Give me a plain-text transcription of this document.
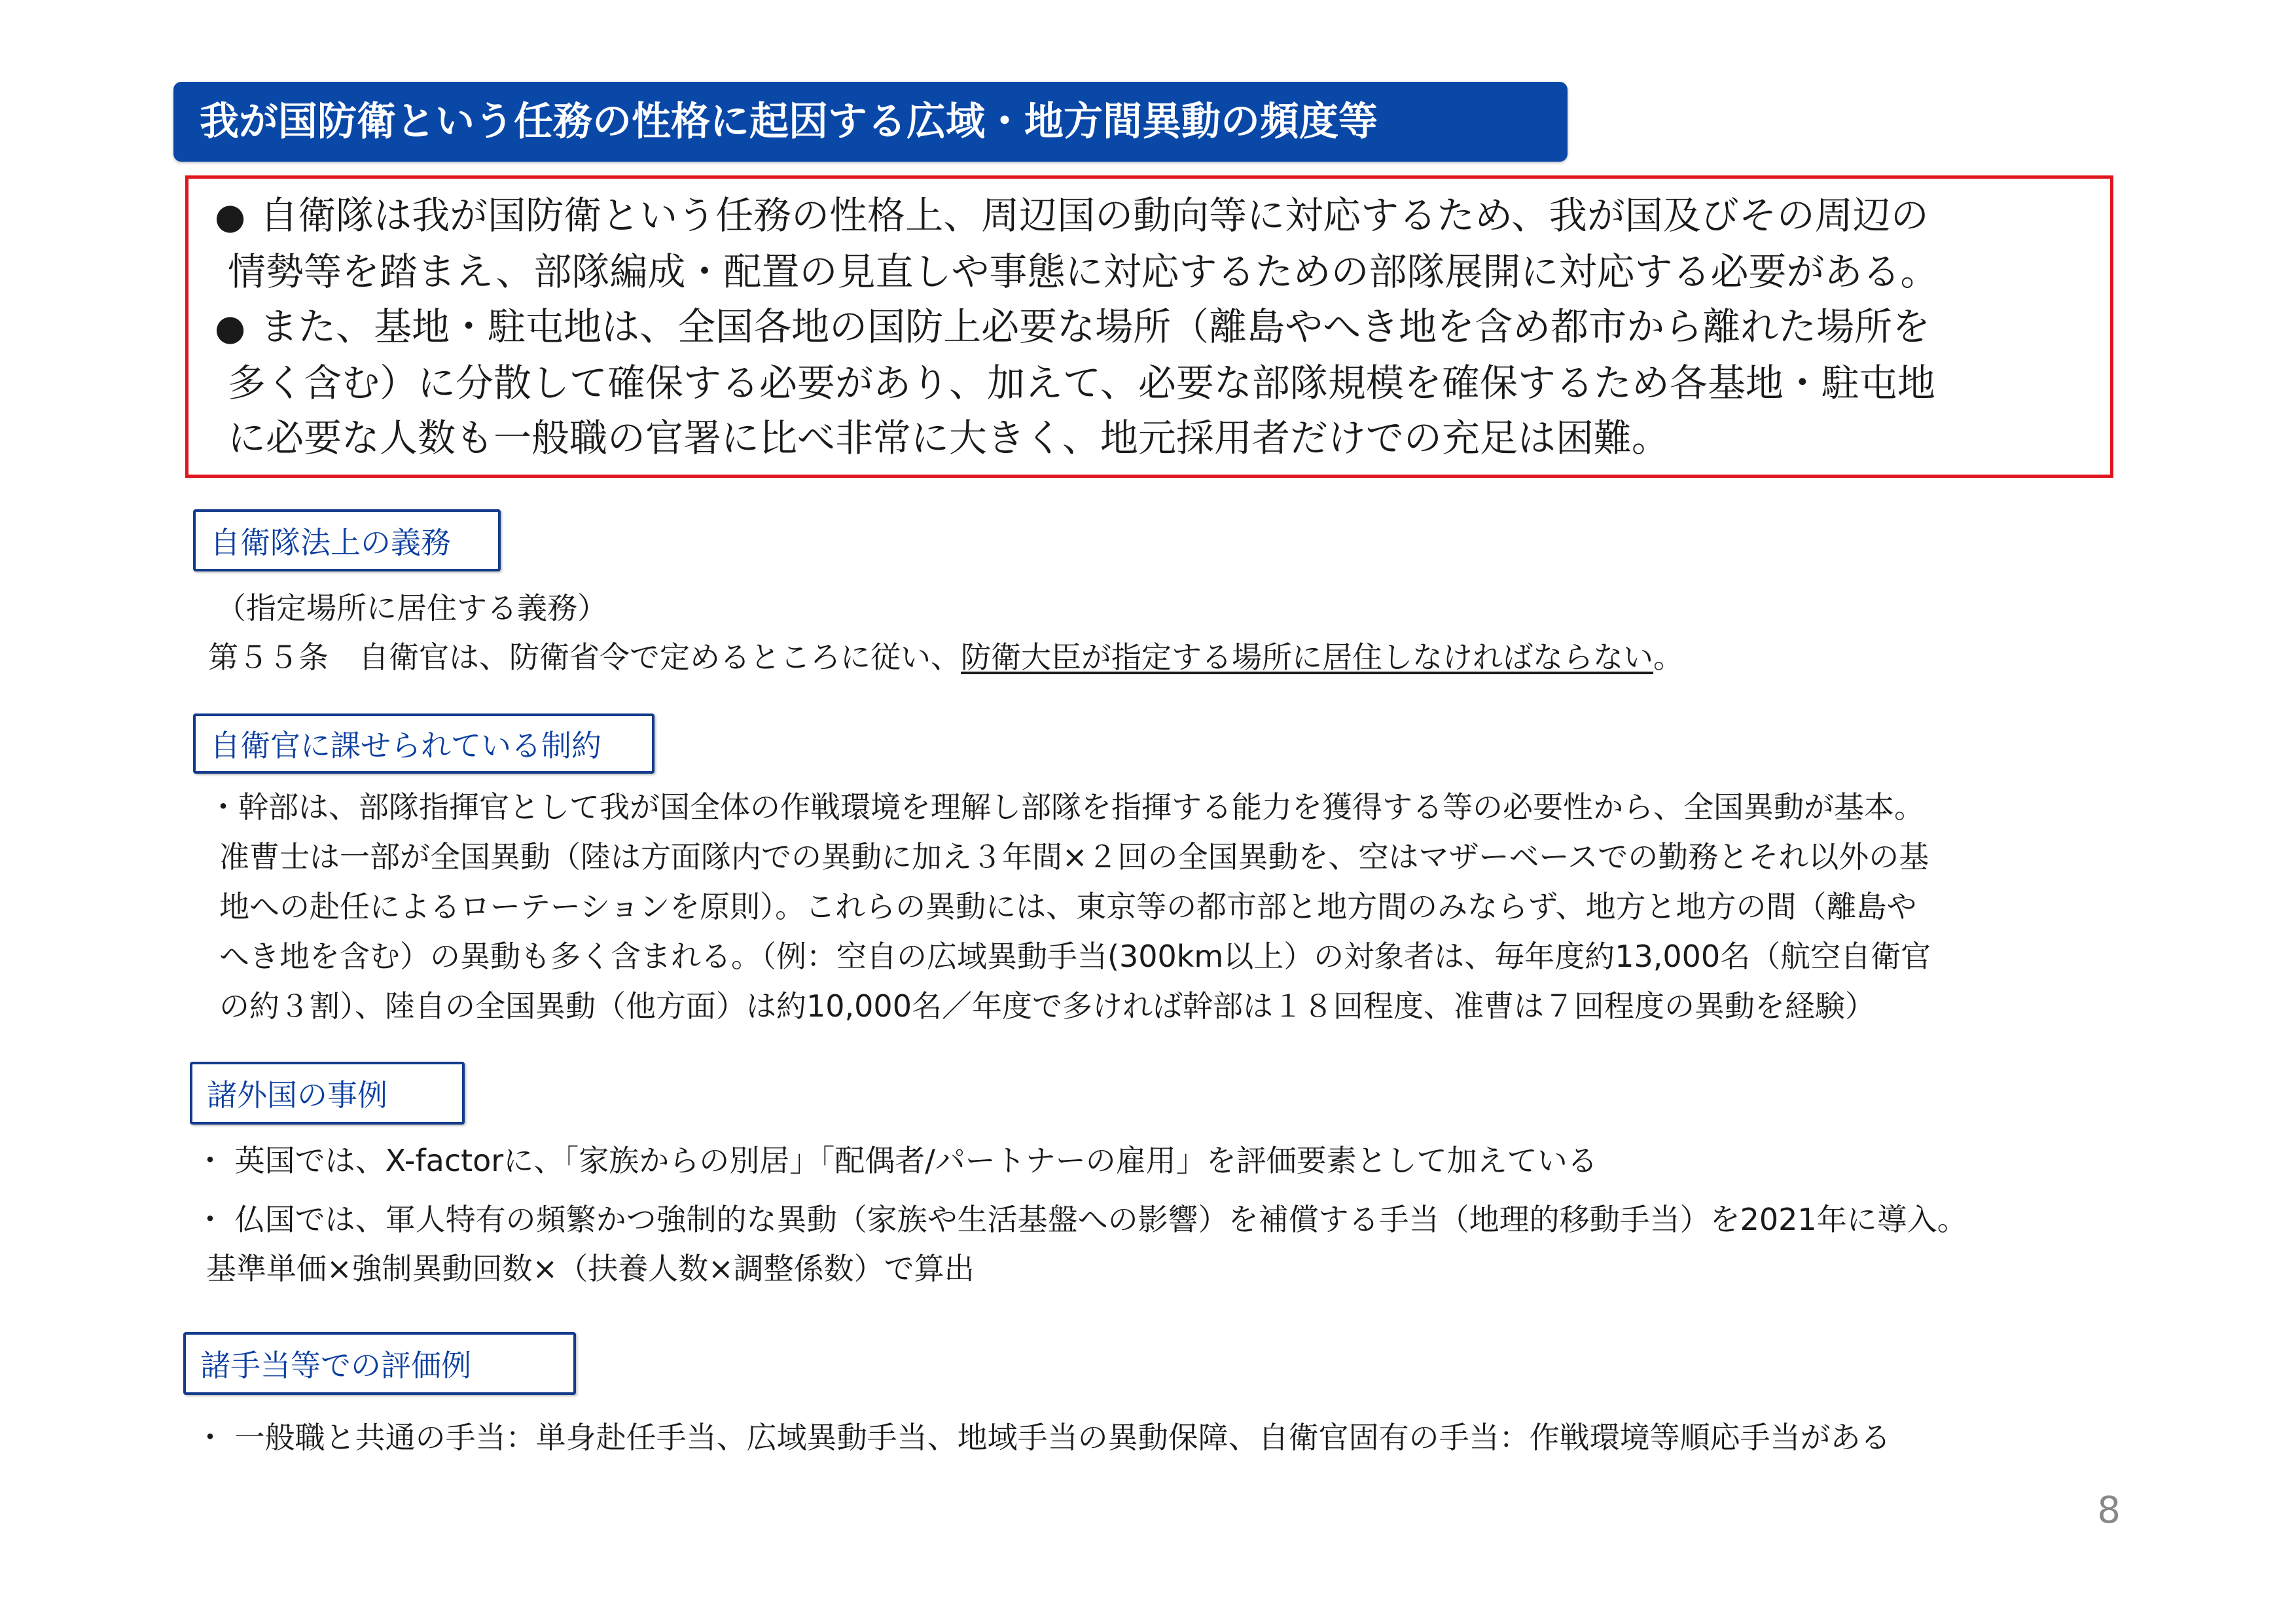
我が国防衛という任務の性格に起因する広域・地方間異動の頻度等
● 自衛隊は我が国防衛という任務の性格上、周辺国の動向等に対応するため、我が国及びその周辺の
情勢等を踏まえ、部隊編成・配置の見直しや事態に対応するための部隊展開に対応する必要がある。
● また、基地・駐屯地は、全国各地の国防上必要な場所（離島やへき地を含め都市から離れた場所を
多く含む）に分散して確保する必要があり、加えて、必要な部隊規模を確保するため各基地・駐屯地
に必要な人数も一般職の官署に比べ非常に大きく、地元採用者だけでの充足は困難。
自衛隊法上の義務
（指定場所に居住する義務）
第５５条　自衛官は、防衛省令で定めるところに従い、防衛大臣が指定する場所に居住しなければならない。
自衛官に課せられている制約
・幹部は、部隊指揮官として我が国全体の作戦環境を理解し部隊を指揮する能力を獲得する等の必要性から、全国異動が基本。
准曹士は一部が全国異動（陸は方面隊内での異動に加え３年間×２回の全国異動を、空はマザーベースでの勤務とそれ以外の基
地への赴任によるローテーションを原則）。これらの異動には、東京等の都市部と地方間のみならず、地方と地方の間（離島や
へき地を含む）の異動も多く含まれる。（例：空自の広域異動手当(300km以上）の対象者は、毎年度約13,000名（航空自衛官
の約３割）、陸自の全国異動（他方面）は約10,000名／年度で多ければ幹部は１８回程度、准曹は７回程度の異動を経験）
諸外国の事例
・ 英国では、X-factorに、「家族からの別居」「配偶者/パートナーの雇用」を評価要素として加えている
・ 仏国では、軍人特有の頻繁かつ強制的な異動（家族や生活基盤への影響）を補償する手当（地理的移動手当）を2021年に導入。
基準単価×強制異動回数×（扶養人数×調整係数）で算出
諸手当等での評価例
・ 一般職と共通の手当：単身赴任手当、広域異動手当、地域手当の異動保障、自衛官固有の手当：作戦環境等順応手当がある
8
